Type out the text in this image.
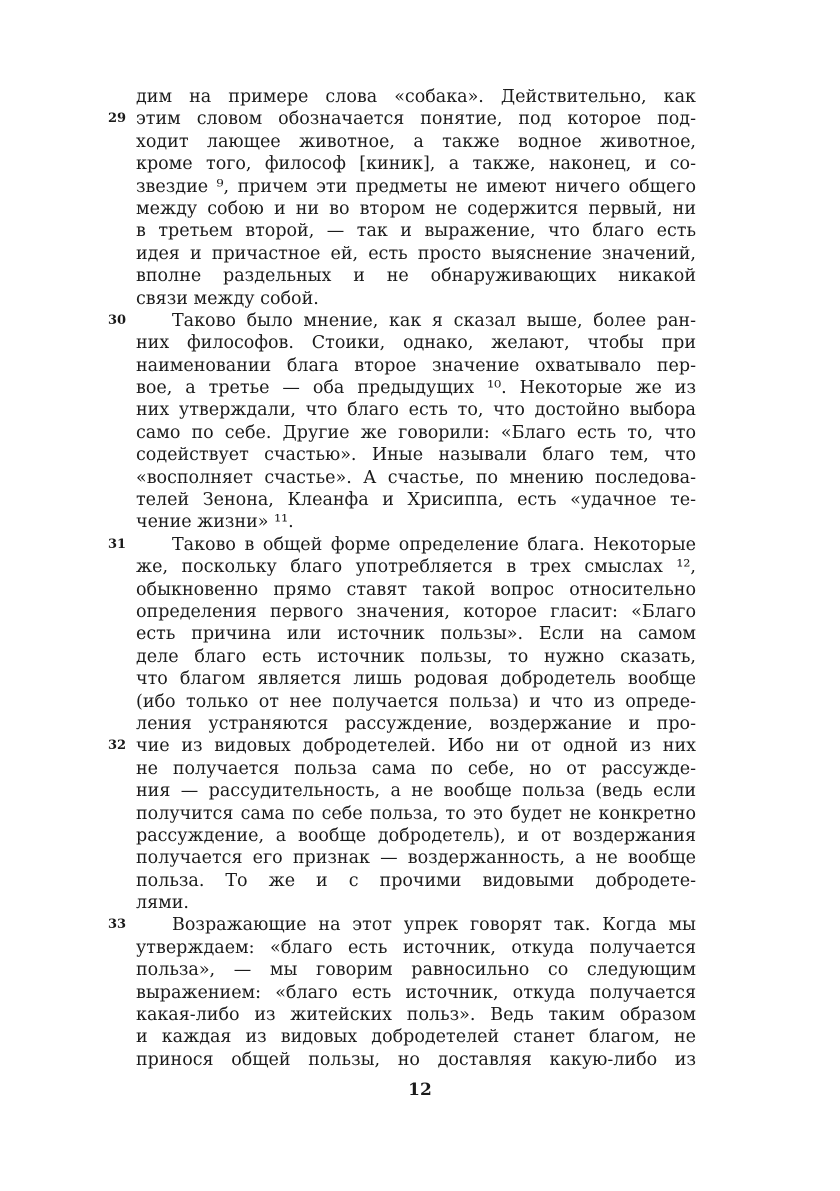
дим на примере слова «собака». Действительно, как
29 этим словом обозначается понятие, под которое под-
ходит лающее животное, а также водное животное,
кроме того, философ [киник], а также, наконец, и со-
звездие ⁹, причем эти предметы не имеют ничего общего
между собою и ни во втором не содержится первый, ни
в третьем второй, — так и выражение, что благо есть
идея и причастное ей, есть просто выяснение значений,
вполне раздельных и не обнаруживающих никакой
связи между собой.
30	Таково было мнение, как я сказал выше, более ран-
них философов. Стоики, однако, желают, чтобы при
наименовании блага второе значение охватывало пер-
вое, а третье — оба предыдущих ¹⁰. Некоторые же из
них утверждали, что благо есть то, что достойно выбора
само по себе. Другие же говорили: «Благо есть то, что
содействует счастью». Иные называли благо тем, что
«восполняет счастье». А счастье, по мнению последова-
телей Зенона, Клеанфа и Хрисиппа, есть «удачное те-
чение жизни» ¹¹.
31	Таково в общей форме определение блага. Некоторые
же, поскольку благо употребляется в трех смыслах ¹²,
обыкновенно прямо ставят такой вопрос относительно
определения первого значения, которое гласит: «Благо
есть причина или источник пользы». Если на самом
деле благо есть источник пользы, то нужно сказать,
что благом является лишь родовая добродетель вообще
(ибо только от нее получается польза) и что из опреде-
ления устраняются рассуждение, воздержание и про-
32 чие из видовых добродетелей. Ибо ни от одной из них
не получается польза сама по себе, но от рассужде-
ния — рассудительность, а не вообще польза (ведь если
получится сама по себе польза, то это будет не конкретно
рассуждение, а вообще добродетель), и от воздержания
получается его признак — воздержанность, а не вообще
польза. То же и с прочими видовыми добродете-
лями.
33	Возражающие на этот упрек говорят так. Когда мы
утверждаем: «благо есть источник, откуда получается
польза», — мы говорим равносильно со следующим
выражением: «благо есть источник, откуда получается
какая-либо из житейских польз». Ведь таким образом
и каждая из видовых добродетелей станет благом, не
принося общей пользы, но доставляя какую-либо из
12
